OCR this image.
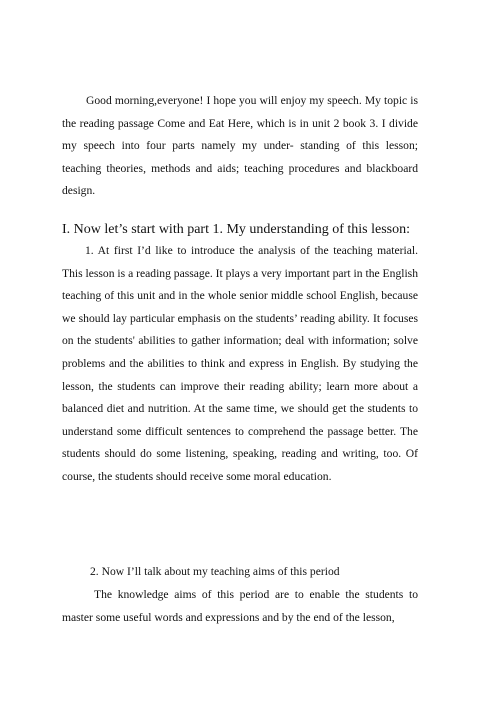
Good morning,everyone! I hope you will enjoy my speech. My topic is the reading passage Come and Eat Here, which is in unit 2 book 3. I divide my speech into four parts namely my under- standing of this lesson; teaching theories, methods and aids; teaching procedures and blackboard design.

I. Now let’s start with part 1. My understanding of this lesson:

1. At first I’d like to introduce the analysis of the teaching material. This lesson is a reading passage. It plays a very important part in the English teaching of this unit and in the whole senior middle school English, because we should lay particular emphasis on the students’ reading ability. It focuses on the students' abilities to gather information; deal with information; solve problems and the abilities to think and express in English. By studying the lesson, the students can improve their reading ability; learn more about a balanced diet and nutrition. At the same time, we should get the students to understand some difficult sentences to comprehend the passage better. The students should do some listening, speaking, reading and writing, too. Of course, the students should receive some moral education.

2. Now I’ll talk about my teaching aims of this period

The knowledge aims of this period are to enable the students to master some useful words and expressions and by the end of the lesson,
